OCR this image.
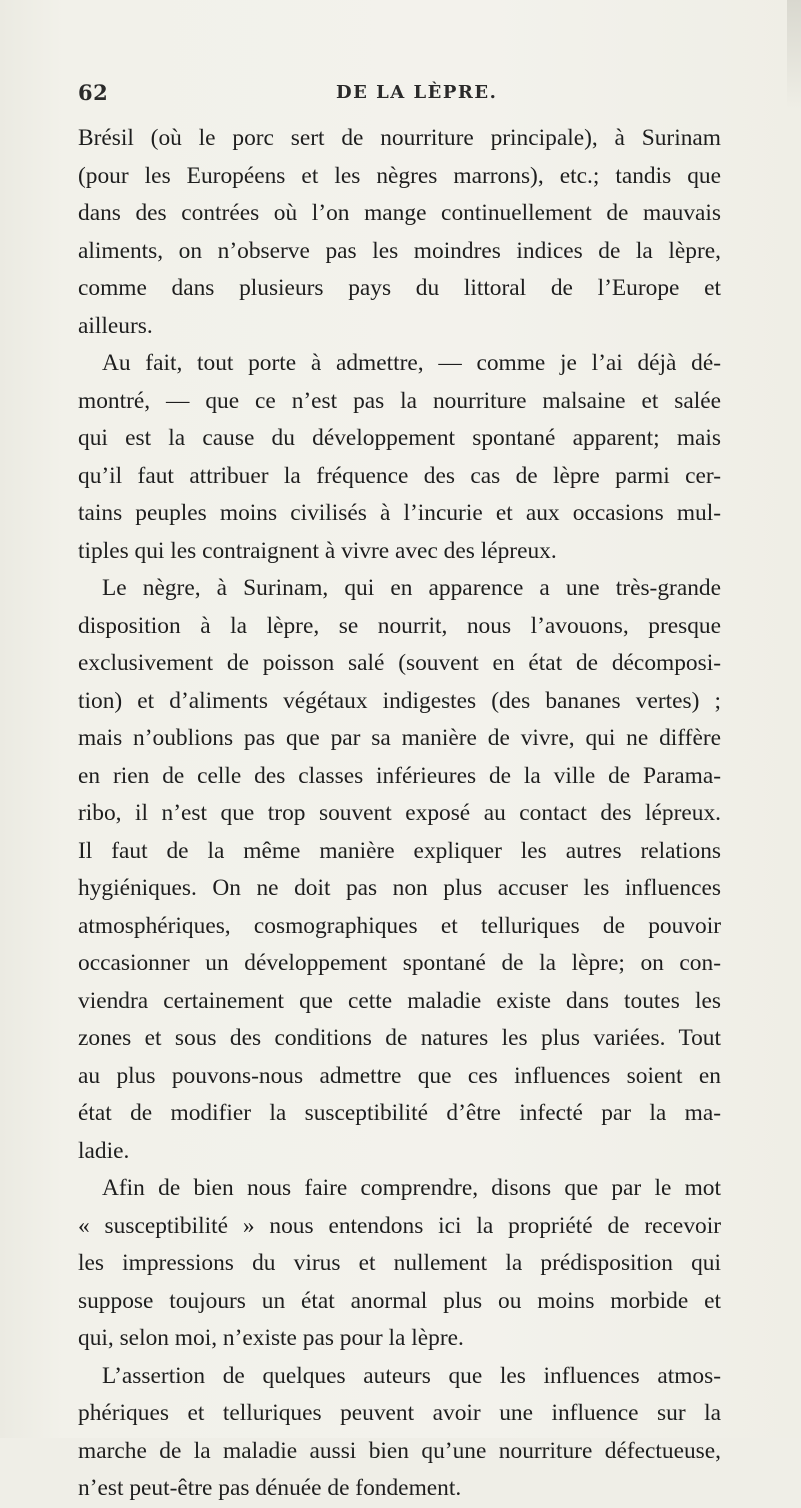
62	DE LA LÈPRE.
Brésil (où le porc sert de nourriture principale), à Surinam
(pour les Européens et les nègres marrons), etc.; tandis que
dans des contrées où l’on mange continuellement de mauvais
aliments, on n’observe pas les moindres indices de la lèpre,
comme dans plusieurs pays du littoral de l’Europe et
ailleurs.
Au fait, tout porte à admettre, — comme je l’ai déjà dé-
montré, — que ce n’est pas la nourriture malsaine et salée
qui est la cause du développement spontané apparent; mais
qu’il faut attribuer la fréquence des cas de lèpre parmi cer-
tains peuples moins civilisés à l’incurie et aux occasions mul-
tiples qui les contraignent à vivre avec des lépreux.
Le nègre, à Surinam, qui en apparence a une très-grande
disposition à la lèpre, se nourrit, nous l’avouons, presque
exclusivement de poisson salé (souvent en état de décomposi-
tion) et d’aliments végétaux indigestes (des bananes vertes) ;
mais n’oublions pas que par sa manière de vivre, qui ne diffère
en rien de celle des classes inférieures de la ville de Parama-
ribo, il n’est que trop souvent exposé au contact des lépreux.
Il faut de la même manière expliquer les autres relations
hygiéniques. On ne doit pas non plus accuser les influences
atmosphériques, cosmographiques et telluriques de pouvoir
occasionner un développement spontané de la lèpre; on con-
viendra certainement que cette maladie existe dans toutes les
zones et sous des conditions de natures les plus variées. Tout
au plus pouvons-nous admettre que ces influences soient en
état de modifier la susceptibilité d’être infecté par la ma-
ladie.
Afin de bien nous faire comprendre, disons que par le mot
« susceptibilité » nous entendons ici la propriété de recevoir
les impressions du virus et nullement la prédisposition qui
suppose toujours un état anormal plus ou moins morbide et
qui, selon moi, n’existe pas pour la lèpre.
L’assertion de quelques auteurs que les influences atmos-
phériques et telluriques peuvent avoir une influence sur la
marche de la maladie aussi bien qu’une nourriture défectueuse,
n’est peut-être pas dénuée de fondement.
